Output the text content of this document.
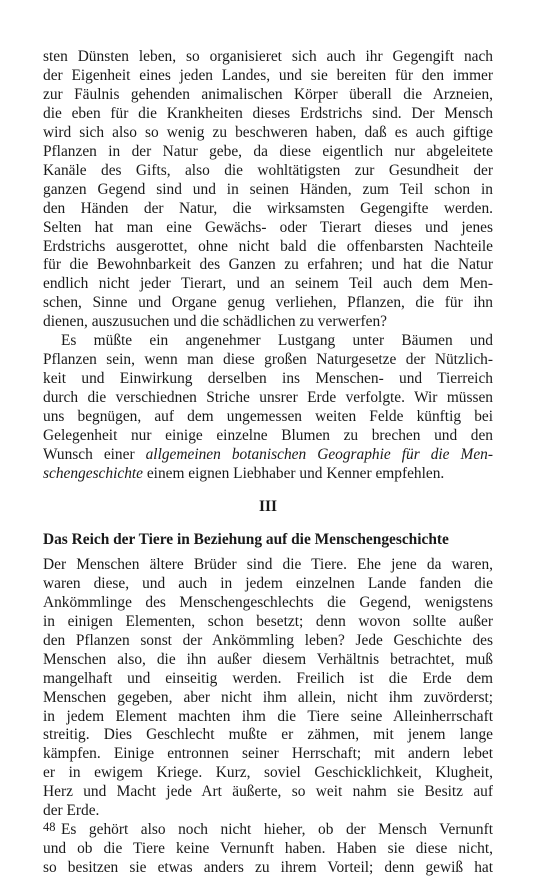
sten Dünsten leben, so organisieret sich auch ihr Gegengift nach
der Eigenheit eines jeden Landes, und sie bereiten für den immer
zur Fäulnis gehenden animalischen Körper überall die Arzneien,
die eben für die Krankheiten dieses Erdstrichs sind. Der Mensch
wird sich also so wenig zu beschweren haben, daß es auch giftige
Pflanzen in der Natur gebe, da diese eigentlich nur abgeleitete
Kanäle des Gifts, also die wohltätigsten zur Gesundheit der
ganzen Gegend sind und in seinen Händen, zum Teil schon in
den Händen der Natur, die wirksamsten Gegengifte werden.
Selten hat man eine Gewächs- oder Tierart dieses und jenes
Erdstrichs ausgerottet, ohne nicht bald die offenbarsten Nachteile
für die Bewohnbarkeit des Ganzen zu erfahren; und hat die Natur
endlich nicht jeder Tierart, und an seinem Teil auch dem Men-
schen, Sinne und Organe genug verliehen, Pflanzen, die für ihn
dienen, auszusuchen und die schädlichen zu verwerfen?
Es müßte ein angenehmer Lustgang unter Bäumen und
Pflanzen sein, wenn man diese großen Naturgesetze der Nützlich-
keit und Einwirkung derselben ins Menschen- und Tierreich
durch die verschiednen Striche unsrer Erde verfolgte. Wir müssen
uns begnügen, auf dem ungemessen weiten Felde künftig bei
Gelegenheit nur einige einzelne Blumen zu brechen und den
Wunsch einer allgemeinen botanischen Geographie für die Men-
schengeschichte einem eignen Liebhaber und Kenner empfehlen.
III
Das Reich der Tiere in Beziehung auf die Menschengeschichte
Der Menschen ältere Brüder sind die Tiere. Ehe jene da waren,
waren diese, und auch in jedem einzelnen Lande fanden die
Ankömmlinge des Menschengeschlechts die Gegend, wenigstens
in einigen Elementen, schon besetzt; denn wovon sollte außer
den Pflanzen sonst der Ankömmling leben? Jede Geschichte des
Menschen also, die ihn außer diesem Verhältnis betrachtet, muß
mangelhaft und einseitig werden. Freilich ist die Erde dem
Menschen gegeben, aber nicht ihm allein, nicht ihm zuvörderst;
in jedem Element machten ihm die Tiere seine Alleinherrschaft
streitig. Dies Geschlecht mußte er zähmen, mit jenem lange
kämpfen. Einige entronnen seiner Herrschaft; mit andern lebet
er in ewigem Kriege. Kurz, soviel Geschicklichkeit, Klugheit,
Herz und Macht jede Art äußerte, so weit nahm sie Besitz auf
der Erde.
Es gehört also noch nicht hieher, ob der Mensch Vernunft
und ob die Tiere keine Vernunft haben. Haben sie diese nicht,
so besitzen sie etwas anders zu ihrem Vorteil; denn gewiß hat
48
